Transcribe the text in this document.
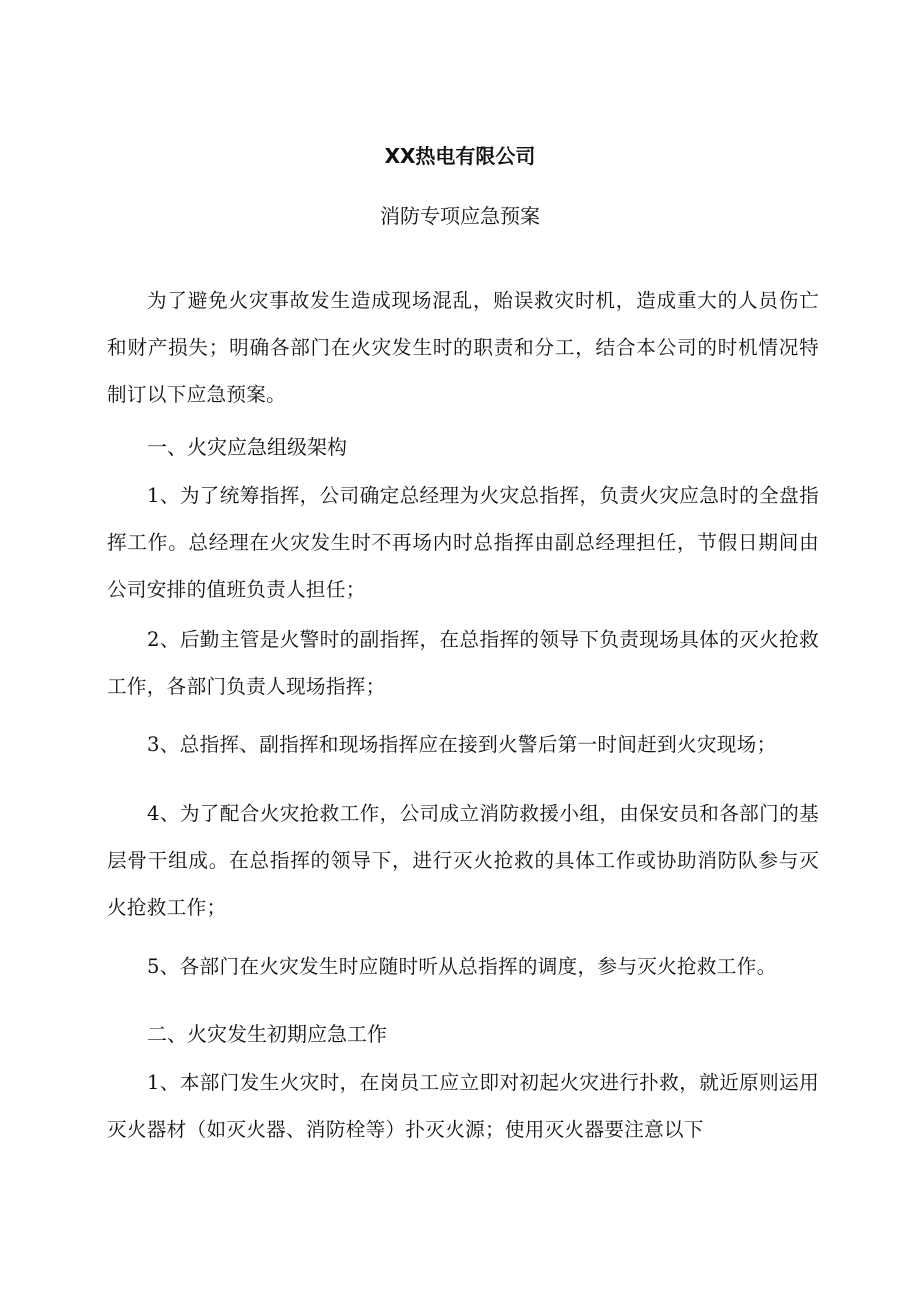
XX热电有限公司
消防专项应急预案

为了避免火灾事故发生造成现场混乱，贻误救灾时机，造成重大的人员伤亡和财产损失；明确各部门在火灾发生时的职责和分工，结合本公司的时机情况特制订以下应急预案。

一、火灾应急组级架构

1、为了统筹指挥，公司确定总经理为火灾总指挥，负责火灾应急时的全盘指挥工作。总经理在火灾发生时不再场内时总指挥由副总经理担任，节假日期间由公司安排的值班负责人担任；

2、后勤主管是火警时的副指挥，在总指挥的领导下负责现场具体的灭火抢救工作，各部门负责人现场指挥；

3、总指挥、副指挥和现场指挥应在接到火警后第一时间赶到火灾现场；

4、为了配合火灾抢救工作，公司成立消防救援小组，由保安员和各部门的基层骨干组成。在总指挥的领导下，进行灭火抢救的具体工作或协助消防队参与灭火抢救工作；

5、各部门在火灾发生时应随时听从总指挥的调度，参与灭火抢救工作。

二、火灾发生初期应急工作

1、本部门发生火灾时，在岗员工应立即对初起火灾进行扑救，就近原则运用灭火器材（如灭火器、消防栓等）扑灭火源；使用灭火器要注意以下
